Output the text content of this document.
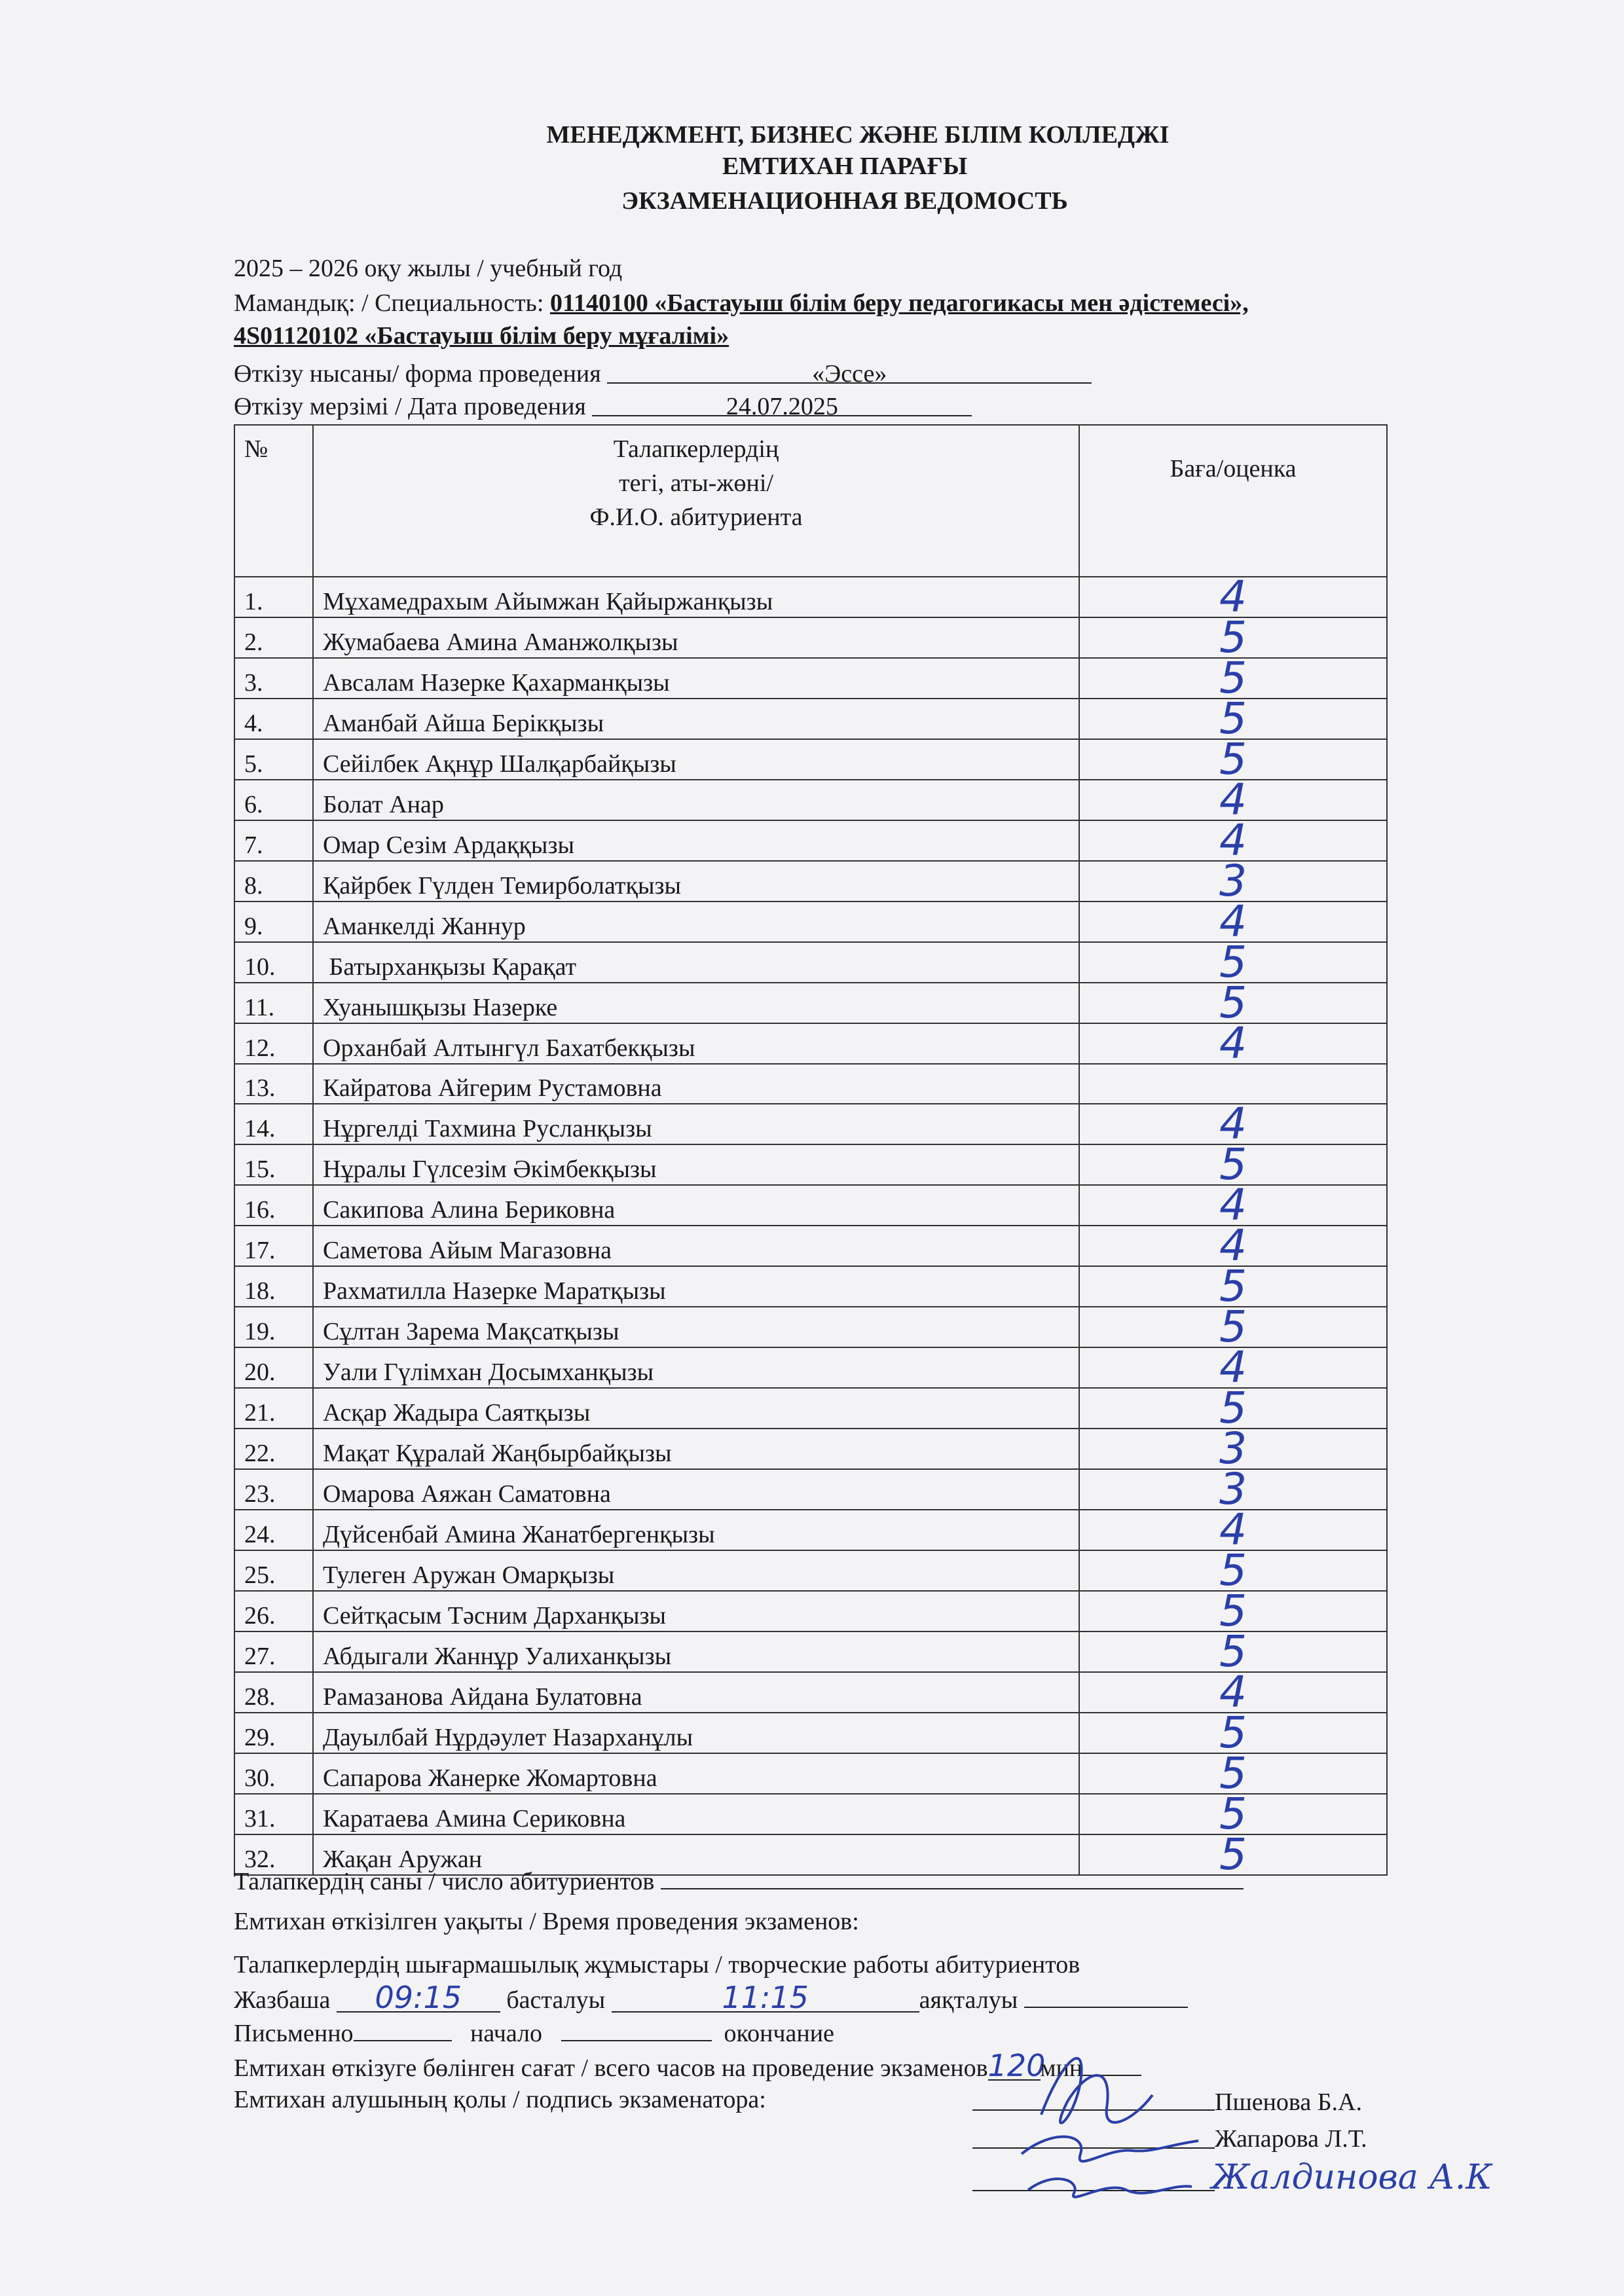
МЕНЕДЖМЕНТ, БИЗНЕС ЖӘНЕ БІЛІМ КОЛЛЕДЖІ
ЕМТИХАН ПАРАҒЫ
ЭКЗАМЕНАЦИОННАЯ ВЕДОМОСТЬ
2025 – 2026 оқу жылы / учебный год
Мамандық: / Специальность: 01140100 «Бастауыш білім беру педагогикасы мен әдістемесі»,
4S01120102 «Бастауыш білім беру мұғалімі»
Өткізу нысаны/ форма проведения	«Эссе»
Өткізу мерзімі / Дата проведения	24.07.2025
№	Талапкерлердің
тегі, аты-жөні/
Ф.И.О. абитуриента	Баға/оценка
1.	Мұхамедрахым Айымжан Қайыржанқызы	4
2.	Жумабаева Амина Аманжолқызы	5
3.	Авсалам Назерке Қахарманқызы	5
4.	Аманбай Айша Берікқызы	5
5.	Сейілбек Ақнұр Шалқарбайқызы	5
6.	Болат Анар	4
7.	Омар Сезім Ардаққызы	4
8.	Қайрбек Гүлден Темирболатқызы	3
9.	Аманкелді Жаннур	4
10.	Батырханқызы Қарақат	5
11.	Хуанышқызы Назерке	5
12.	Орханбай Алтынгүл Бахатбекқызы	4
13.	Кайратова Айгерим Рустамовна	
14.	Нұргелді Тахмина Русланқызы	4
15.	Нұралы Гүлсезім Әкімбекқызы	5
16.	Сакипова Алина Бериковна	4
17.	Саметова Айым Магазовна	4
18.	Рахматилла Назерке Маратқызы	5
19.	Сұлтан Зарема Мақсатқызы	5
20.	Уали Гүлімхан Досымханқызы	4
21.	Асқар Жадыра Саятқызы	5
22.	Мақат Құралай Жаңбырбайқызы	3
23.	Омарова Аяжан Саматовна	3
24.	Дүйсенбай Амина Жанатбергенқызы	4
25.	Тулеген Аружан Омарқызы	5
26.	Сейтқасым Тәсним Дарханқызы	5
27.	Абдыгали Жаннұр Уалиханқызы	5
28.	Рамазанова Айдана Булатовна	4
29.	Дауылбай Нұрдәулет Назарханұлы	5
30.	Сапарова Жанерке Жомартовна	5
31.	Каратаева Амина Сериковна	5
32.	Жақан Аружан	5
Талапкердің саны / число абитуриентов
Емтихан өткізілген уақыты / Время проведения экзаменов:
Талапкерлердің шығармашылық жұмыстары / творческие работы абитуриентов
Жазбаша 09:15 басталуы	11:15	аяқталуы
Письменно	начало	окончание
Емтихан өткізуге бөлінген сағат / всего часов на проведение экзаменов120мин
Емтихан алушының қолы / подпись экзаменатора:	Пшенова Б.А.
Жапарова Л.Т.
Жалдинова А.К
